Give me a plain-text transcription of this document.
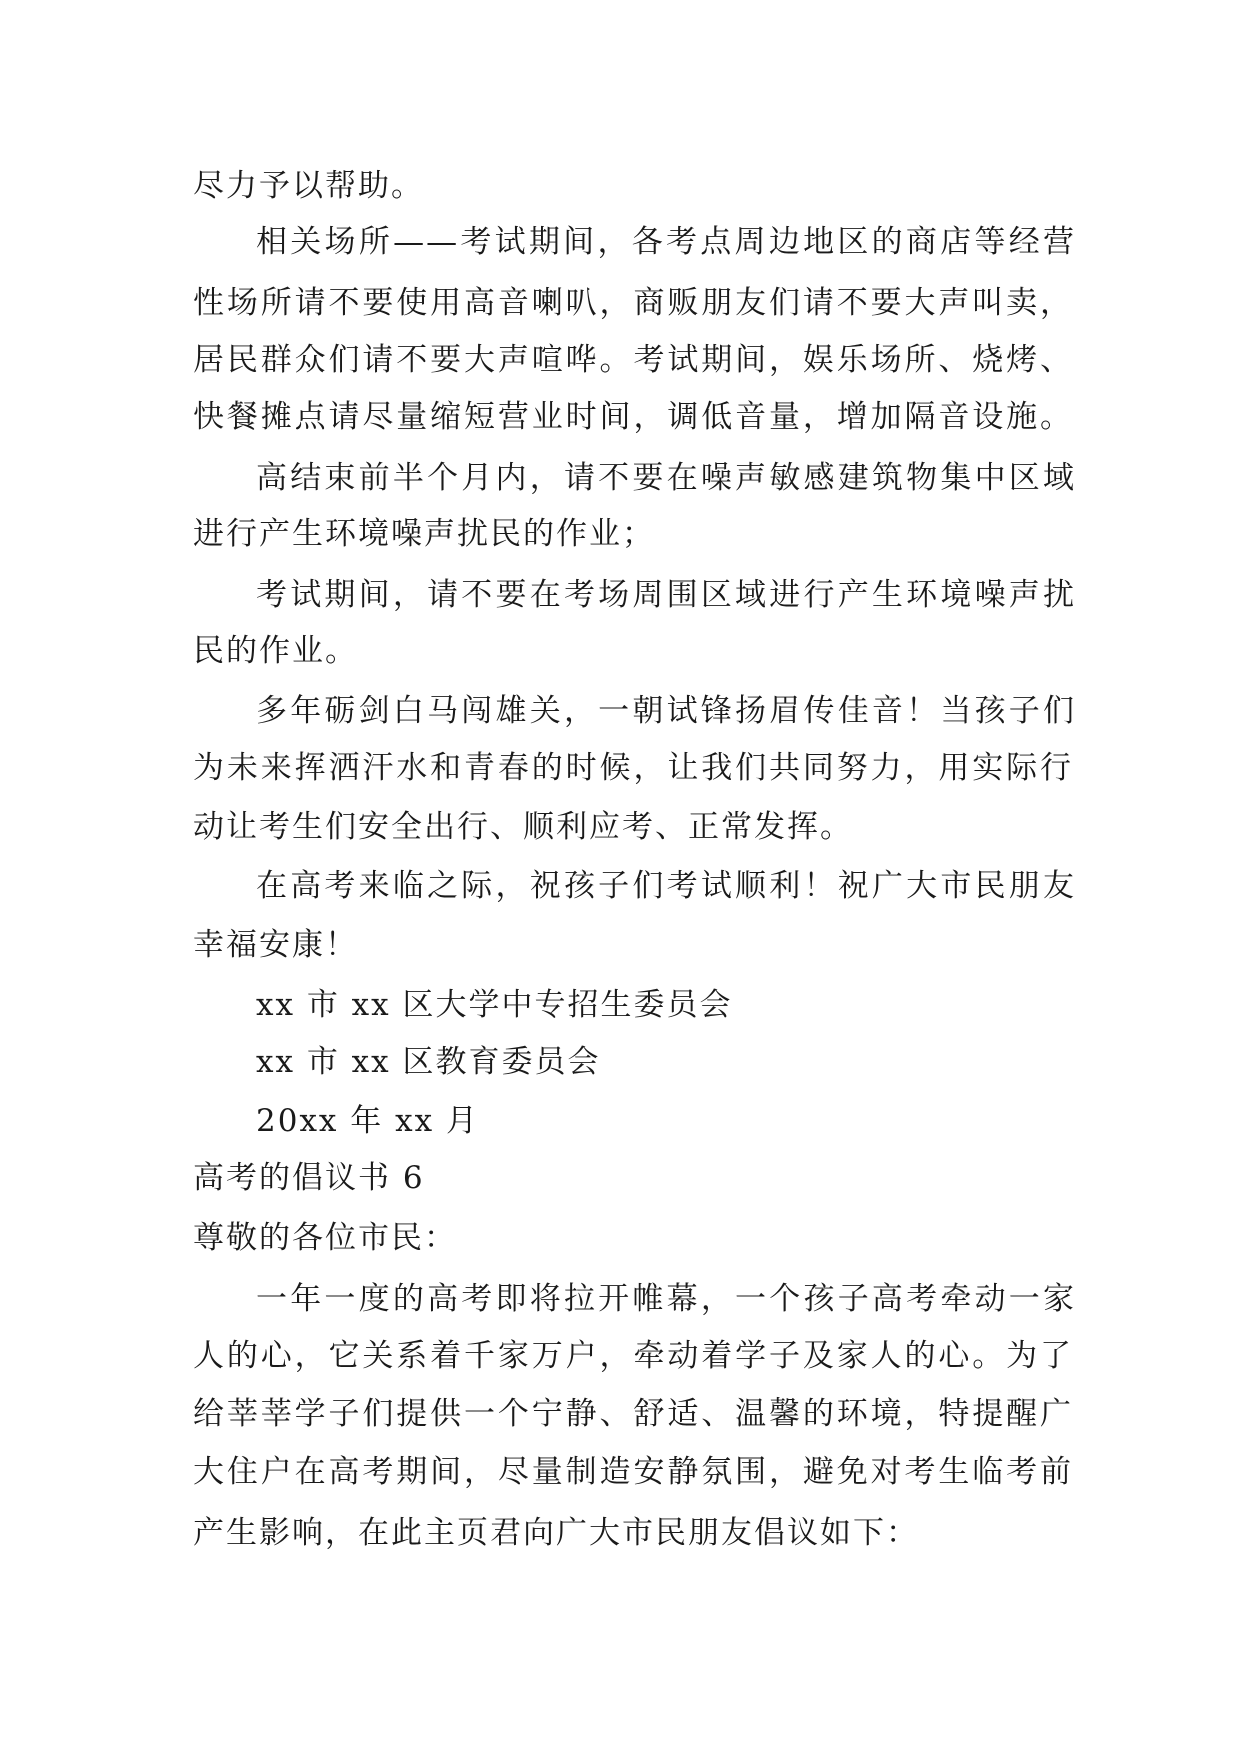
尽力予以帮助。
相关场所——考试期间，各考点周边地区的商店等经营
性场所请不要使用高音喇叭，商贩朋友们请不要大声叫卖，
居民群众们请不要大声喧哗。考试期间，娱乐场所、烧烤、
快餐摊点请尽量缩短营业时间，调低音量，增加隔音设施。
高结束前半个月内，请不要在噪声敏感建筑物集中区域
进行产生环境噪声扰民的作业；
考试期间，请不要在考场周围区域进行产生环境噪声扰
民的作业。
多年砺剑白马闯雄关，一朝试锋扬眉传佳音！当孩子们
为未来挥洒汗水和青春的时候，让我们共同努力，用实际行
动让考生们安全出行、顺利应考、正常发挥。
在高考来临之际，祝孩子们考试顺利！祝广大市民朋友
幸福安康！
xx 市 xx 区大学中专招生委员会
xx 市 xx 区教育委员会
20xx 年 xx 月
高考的倡议书 6
尊敬的各位市民：
一年一度的高考即将拉开帷幕，一个孩子高考牵动一家
人的心，它关系着千家万户，牵动着学子及家人的心。为了
给莘莘学子们提供一个宁静、舒适、温馨的环境，特提醒广
大住户在高考期间，尽量制造安静氛围，避免对考生临考前
产生影响，在此主页君向广大市民朋友倡议如下：
